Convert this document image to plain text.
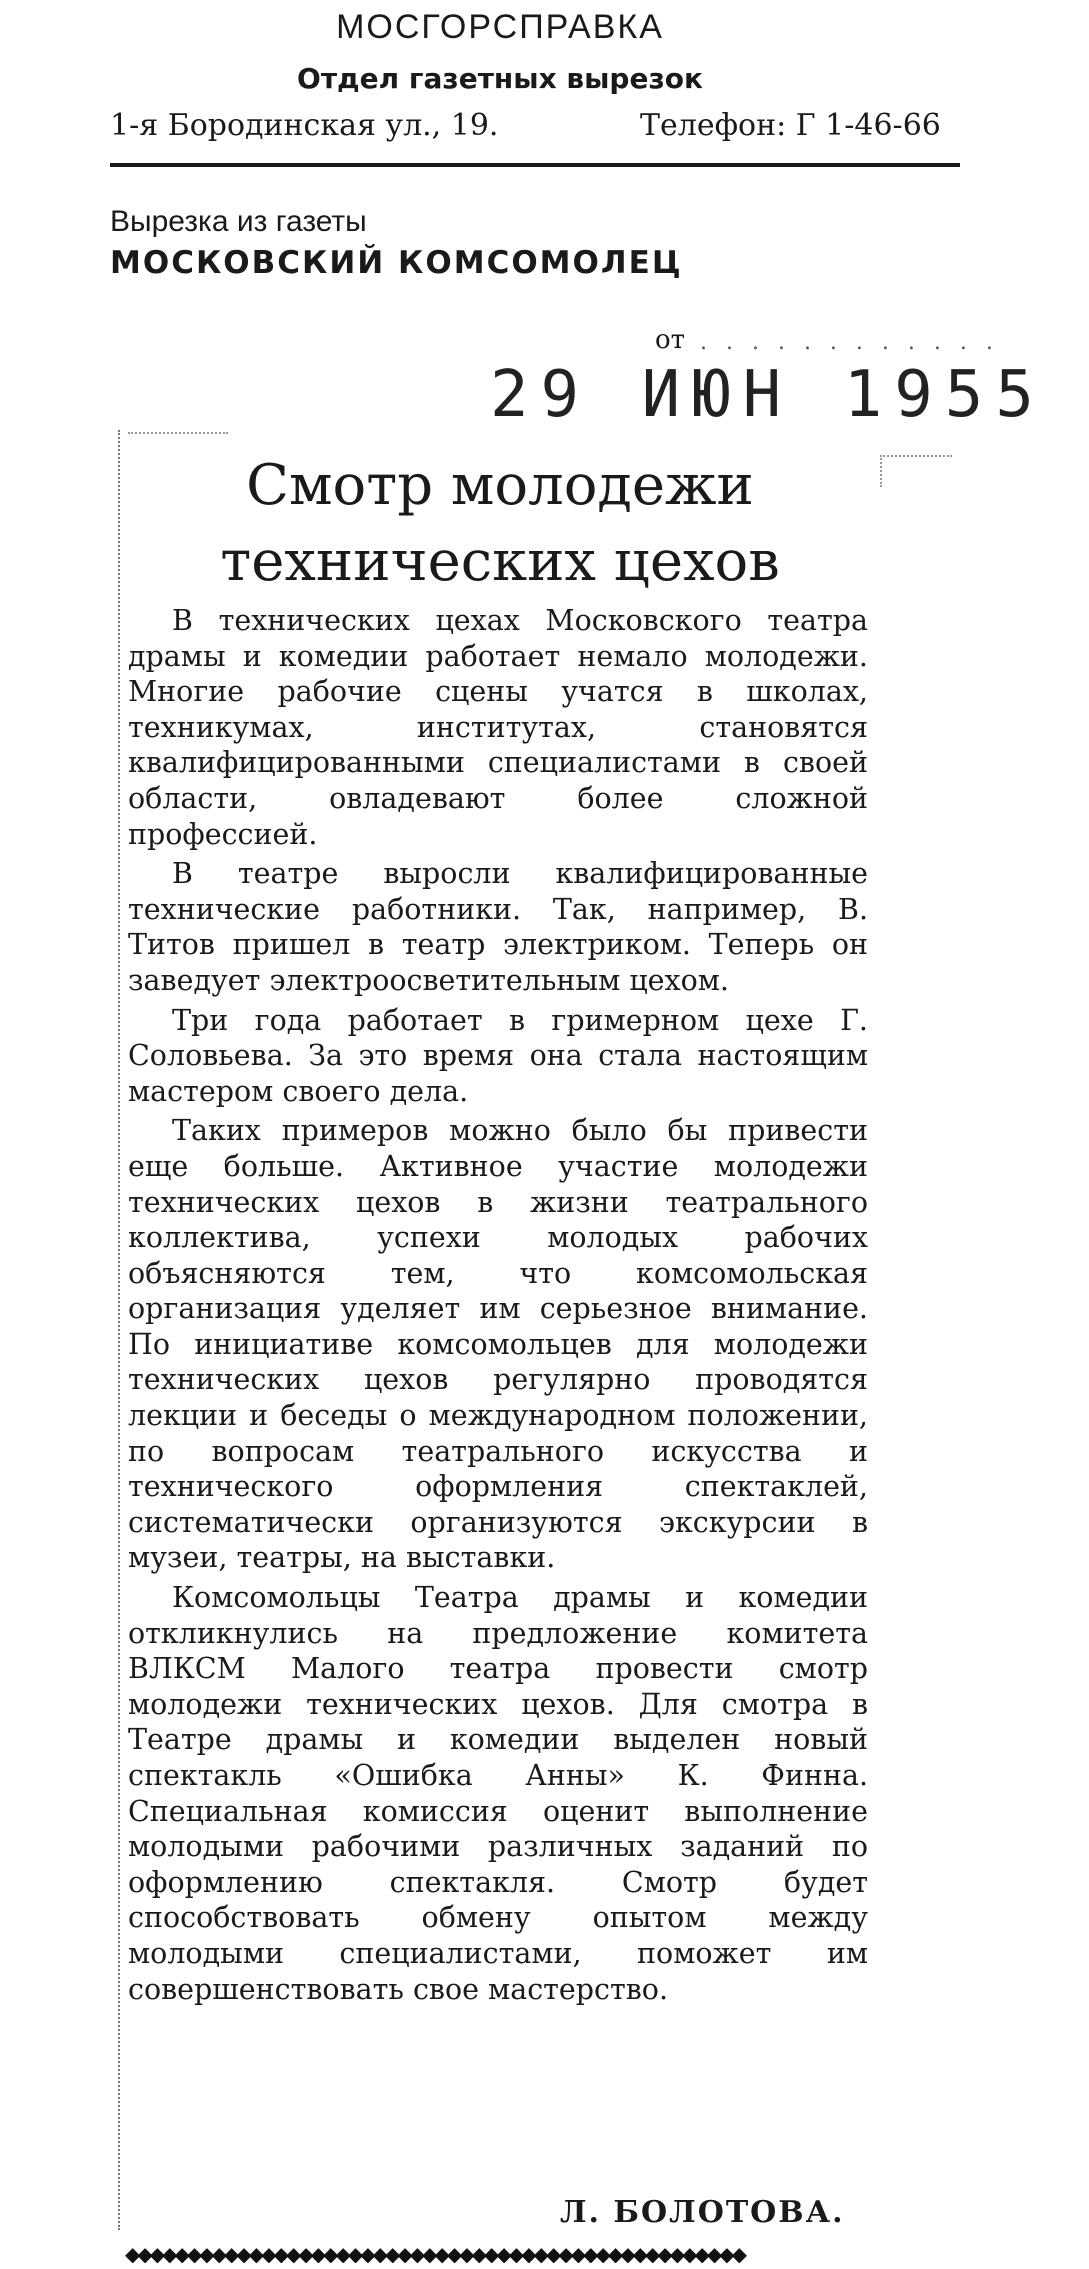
МОСГОРСПРАВКА
Отдел газетных вырезок
1-я Бородинская ул., 19.	Телефон: Г 1-46-66
Вырезка из газеты
МОСКОВСКИЙ КОМСОМОЛЕЦ
от . . . . . . . . . . . .
29 ИЮН 1955
Смотр молодежи
технических цехов

В технических цехах Московского театра драмы и комедии работает немало молодежи. Многие рабочие сцены учатся в школах, техникумах, институтах, становятся квалифицированными специалистами в своей области, овладевают более сложной профессией.

В театре выросли квалифицированные технические работники. Так, например, В. Титов пришел в театр электриком. Теперь он заведует электроосветительным цехом.

Три года работает в гримерном цехе Г. Соловьева. За это время она стала настоящим мастером своего дела.

Таких примеров можно было бы привести еще больше. Активное участие молодежи технических цехов в жизни театрального коллектива, успехи молодых рабочих объясняются тем, что комсомольская организация уделяет им серьезное внимание. По инициативе комсомольцев для молодежи технических цехов регулярно проводятся лекции и беседы о международном положении, по вопросам театрального искусства и технического оформления спектаклей, систематически организуются экскурсии в музеи, театры, на выставки.

Комсомольцы Театра драмы и комедии откликнулись на предложение комитета ВЛКСМ Малого театра провести смотр молодежи технических цехов. Для смотра в Театре драмы и комедии выделен новый спектакль «Ошибка Анны» К. Финна. Специальная комиссия оценит выполнение молодыми рабочими различных заданий по оформлению спектакля. Смотр будет способствовать обмену опытом между молодыми специалистами, поможет им совершенствовать свое мастерство.

Л. БОЛОТОВА.
◆◆◆◆◆◆◆◆◆◆◆◆◆◆◆◆◆◆◆◆◆◆◆◆◆◆◆◆◆◆◆◆◆◆◆◆◆◆◆◆◆◆◆◆◆◆◆◆◆◆
